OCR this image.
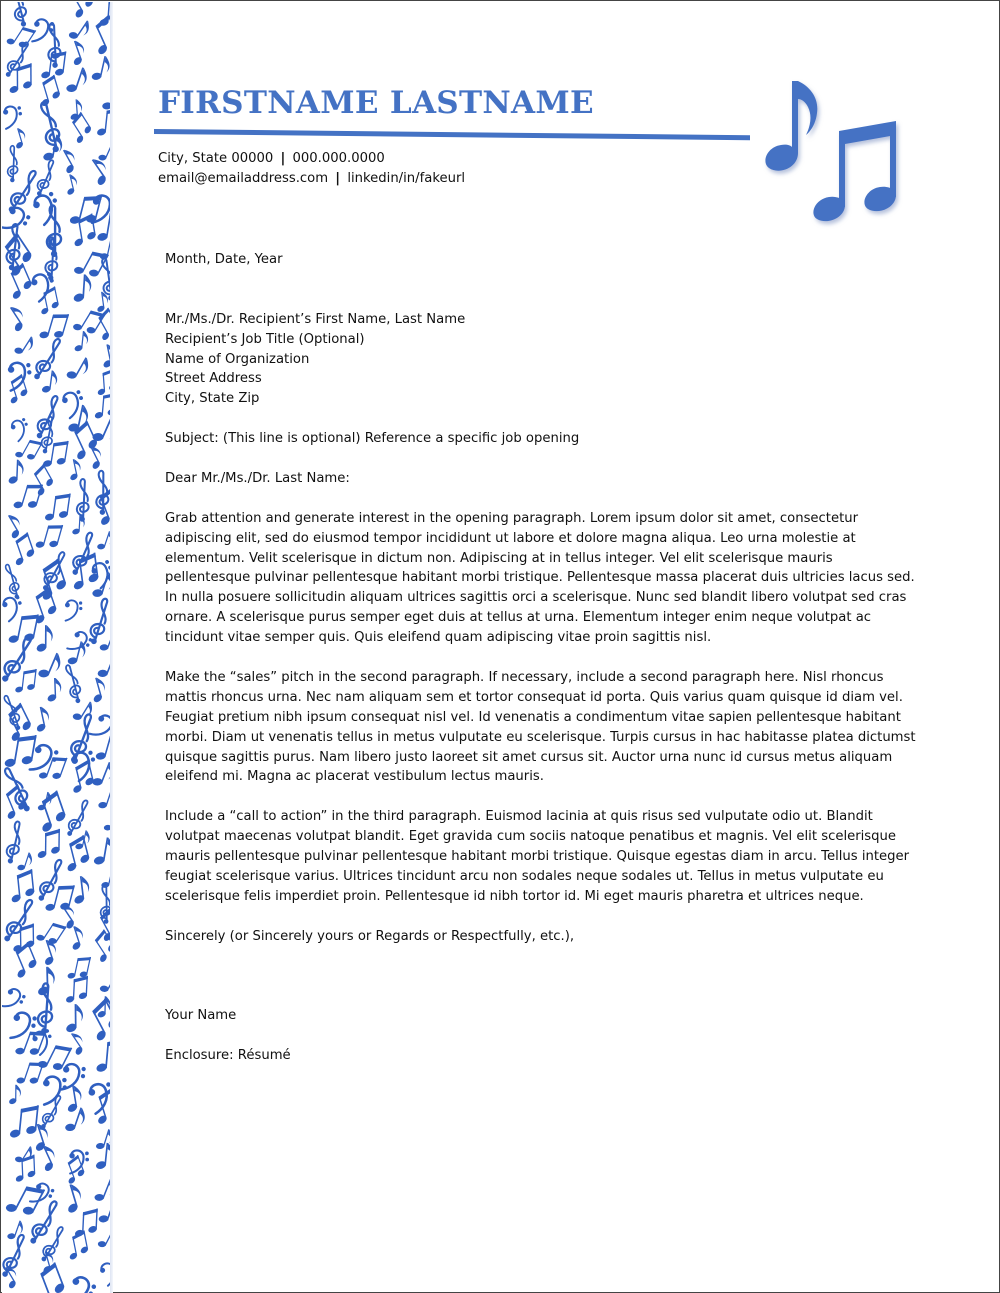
FIRSTNAME LASTNAME
City, State 00000 | 000.000.0000
email@emailaddress.com | linkedin/in/fakeurl

Month, Date, Year

Mr./Ms./Dr. Recipient’s First Name, Last Name

Recipient’s Job Title (Optional)

Name of Organization

Street Address

City, State Zip

Subject: (This line is optional) Reference a specific job opening

Dear Mr./Ms./Dr. Last Name:

Grab attention and generate interest in the opening paragraph. Lorem ipsum dolor sit amet, consectetur
adipiscing elit, sed do eiusmod tempor incididunt ut labore et dolore magna aliqua. Leo urna molestie at
elementum. Velit scelerisque in dictum non. Adipiscing at in tellus integer. Vel elit scelerisque mauris
pellentesque pulvinar pellentesque habitant morbi tristique. Pellentesque massa placerat duis ultricies lacus sed.
In nulla posuere sollicitudin aliquam ultrices sagittis orci a scelerisque. Nunc sed blandit libero volutpat sed cras
ornare. A scelerisque purus semper eget duis at tellus at urna. Elementum integer enim neque volutpat ac
tincidunt vitae semper quis. Quis eleifend quam adipiscing vitae proin sagittis nisl.
Make the “sales” pitch in the second paragraph. If necessary, include a second paragraph here. Nisl rhoncus
mattis rhoncus urna. Nec nam aliquam sem et tortor consequat id porta. Quis varius quam quisque id diam vel.
Feugiat pretium nibh ipsum consequat nisl vel. Id venenatis a condimentum vitae sapien pellentesque habitant
morbi. Diam ut venenatis tellus in metus vulputate eu scelerisque. Turpis cursus in hac habitasse platea dictumst
quisque sagittis purus. Nam libero justo laoreet sit amet cursus sit. Auctor urna nunc id cursus metus aliquam
eleifend mi. Magna ac placerat vestibulum lectus mauris.
Include a “call to action” in the third paragraph. Euismod lacinia at quis risus sed vulputate odio ut. Blandit
volutpat maecenas volutpat blandit. Eget gravida cum sociis natoque penatibus et magnis. Vel elit scelerisque
mauris pellentesque pulvinar pellentesque habitant morbi tristique. Quisque egestas diam in arcu. Tellus integer
feugiat scelerisque varius. Ultrices tincidunt arcu non sodales neque sodales ut. Tellus in metus vulputate eu
scelerisque felis imperdiet proin. Pellentesque id nibh tortor id. Mi eget mauris pharetra et ultrices neque.

Sincerely (or Sincerely yours or Regards or Respectfully, etc.),

Your Name

Enclosure: Résumé
